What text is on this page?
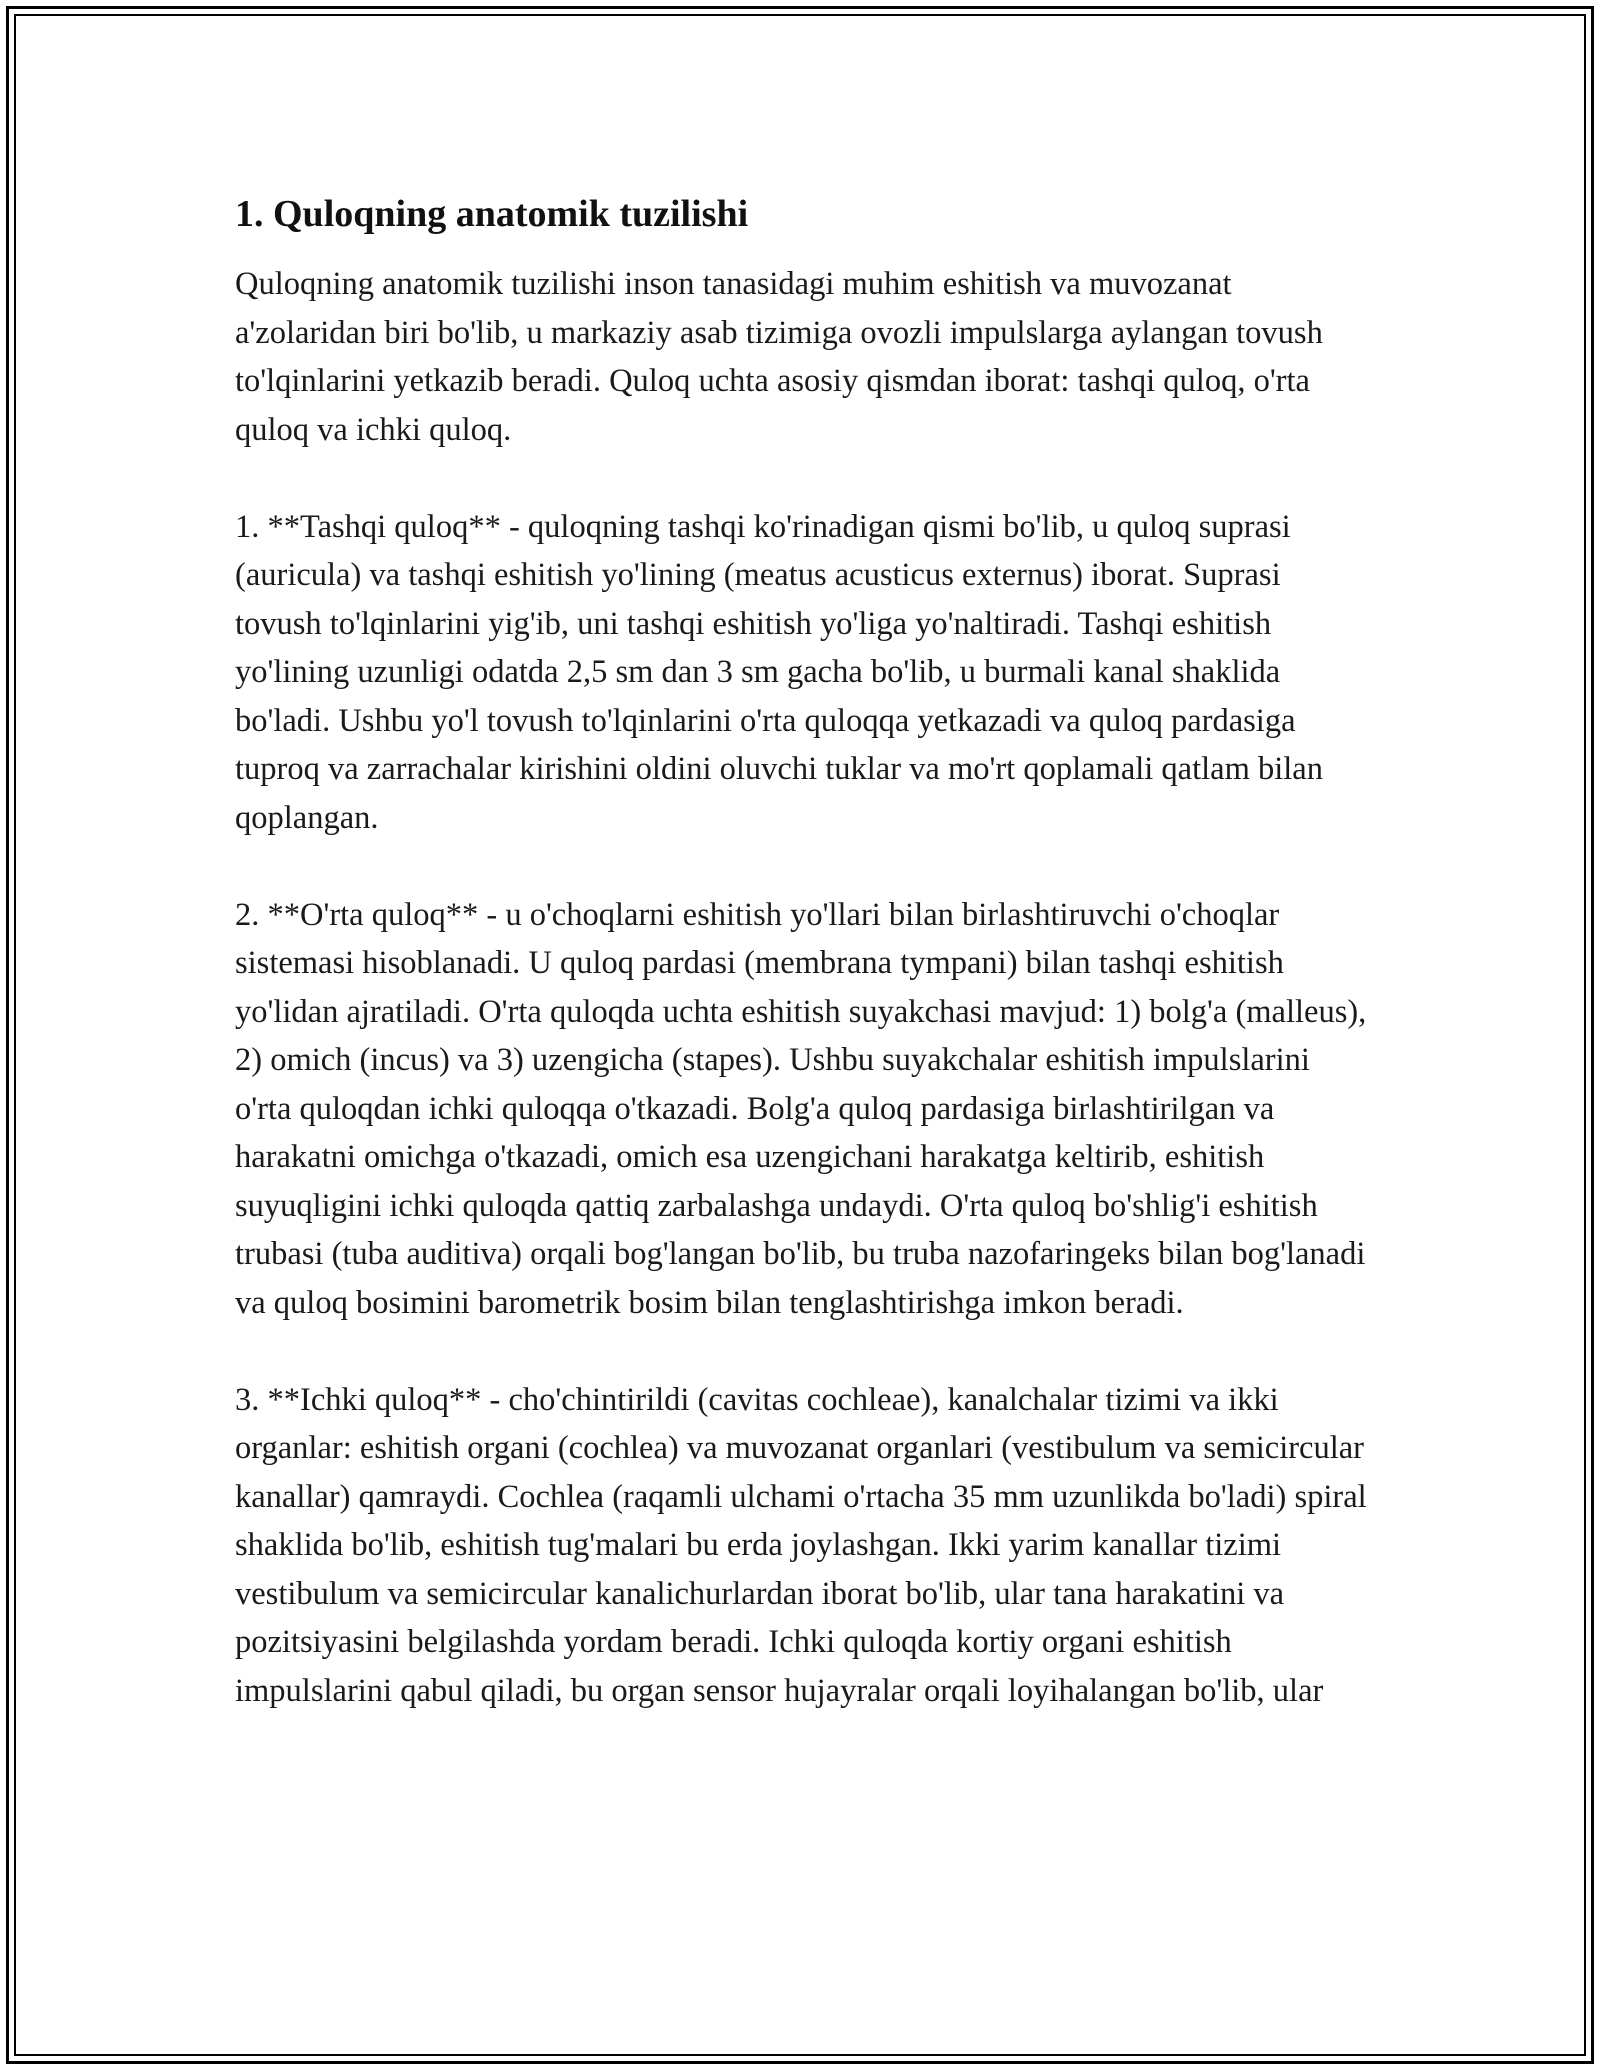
1. Quloqning anatomik tuzilishi

Quloqning anatomik tuzilishi inson tanasidagi muhim eshitish va muvozanat a'zolaridan biri bo'lib, u markaziy asab tizimiga ovozli impulslarga aylangan tovush to'lqinlarini yetkazib beradi. Quloq uchta asosiy qismdan iborat: tashqi quloq, o'rta quloq va ichki quloq.

1. **Tashqi quloq** - quloqning tashqi ko'rinadigan qismi bo'lib, u quloq suprasi (auricula) va tashqi eshitish yo'lining (meatus acusticus externus) iborat. Suprasi tovush to'lqinlarini yig'ib, uni tashqi eshitish yo'liga yo'naltiradi. Tashqi eshitish yo'lining uzunligi odatda 2,5 sm dan 3 sm gacha bo'lib, u burmali kanal shaklida bo'ladi. Ushbu yo'l tovush to'lqinlarini o'rta quloqqa yetkazadi va quloq pardasiga tuproq va zarrachalar kirishini oldini oluvchi tuklar va mo'rt qoplamali qatlam bilan qoplangan.

2. **O'rta quloq** - u o'choqlarni eshitish yo'llari bilan birlashtiruvchi o'choqlar sistemasi hisoblanadi. U quloq pardasi (membrana tympani) bilan tashqi eshitish yo'lidan ajratiladi. O'rta quloqda uchta eshitish suyakchasi mavjud: 1) bolg'a (malleus), 2) omich (incus) va 3) uzengicha (stapes). Ushbu suyakchalar eshitish impulslarini o'rta quloqdan ichki quloqqa o'tkazadi. Bolg'a quloq pardasiga birlashtirilgan va harakatni omichga o'tkazadi, omich esa uzengichani harakatga keltirib, eshitish suyuqligini ichki quloqda qattiq zarbalashga undaydi. O'rta quloq bo'shlig'i eshitish trubasi (tuba auditiva) orqali bog'langan bo'lib, bu truba nazofaringeks bilan bog'lanadi va quloq bosimini barometrik bosim bilan tenglashtirishga imkon beradi.

3. **Ichki quloq** - cho'chintirildi (cavitas cochleae), kanalchalar tizimi va ikki organlar: eshitish organi (cochlea) va muvozanat organlari (vestibulum va semicircular kanallar) qamraydi. Cochlea (raqamli ulchami o'rtacha 35 mm uzunlikda bo'ladi) spiral shaklida bo'lib, eshitish tug'malari bu erda joylashgan. Ikki yarim kanallar tizimi vestibulum va semicircular kanalichurlardan iborat bo'lib, ular tana harakatini va pozitsiyasini belgilashda yordam beradi. Ichki quloqda kortiy organi eshitish impulslarini qabul qiladi, bu organ sensor hujayralar orqali loyihalangan bo'lib, ular
